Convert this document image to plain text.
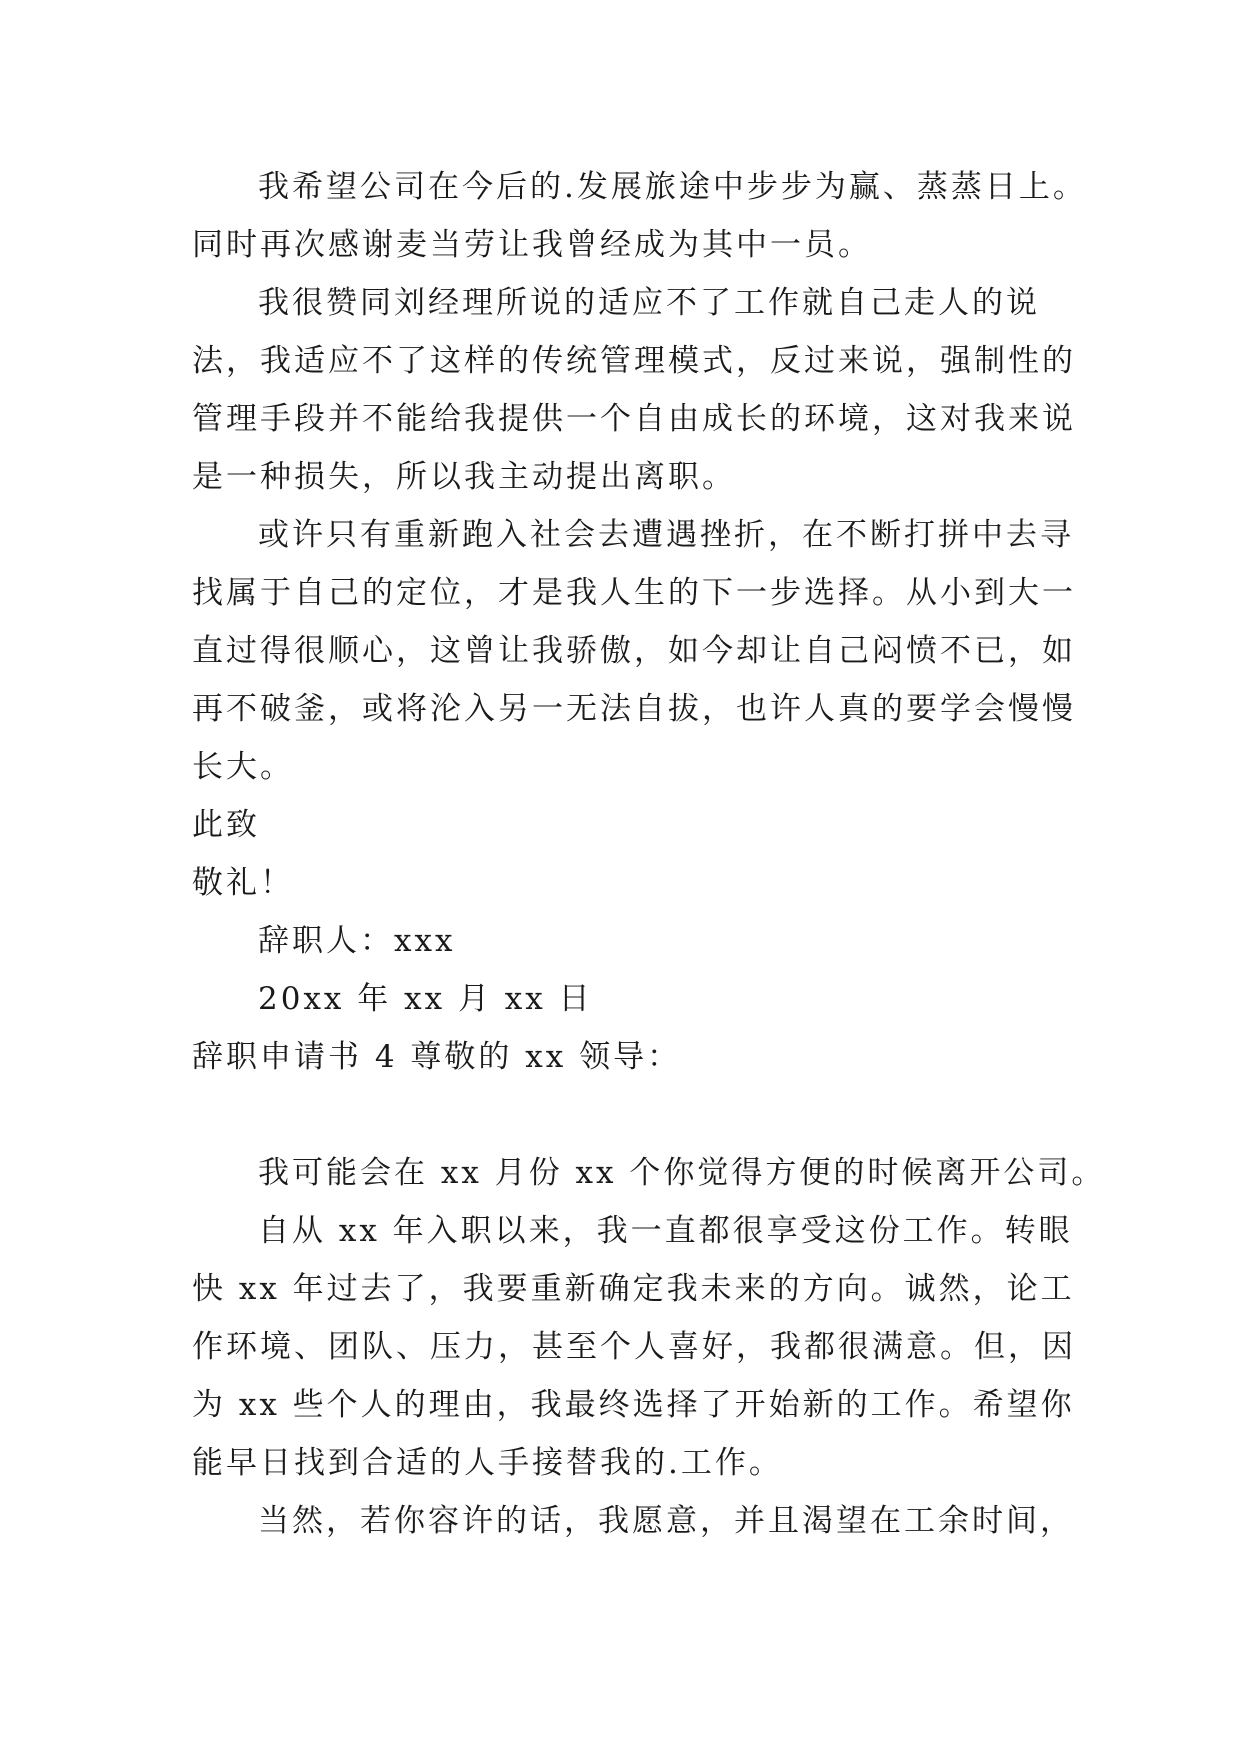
我希望公司在今后的.发展旅途中步步为赢、蒸蒸日上。
同时再次感谢麦当劳让我曾经成为其中一员。
我很赞同刘经理所说的适应不了工作就自己走人的说
法，我适应不了这样的传统管理模式，反过来说，强制性的
管理手段并不能给我提供一个自由成长的环境，这对我来说
是一种损失，所以我主动提出离职。
或许只有重新跑入社会去遭遇挫折，在不断打拼中去寻
找属于自己的定位，才是我人生的下一步选择。从小到大一
直过得很顺心，这曾让我骄傲，如今却让自己闷愤不已，如
再不破釜，或将沦入另一无法自拔，也许人真的要学会慢慢
长大。
此致
敬礼！
辞职人：xxx
20xx 年 xx 月 xx 日
辞职申请书 4 尊敬的 xx 领导：
我可能会在 xx 月份 xx 个你觉得方便的时候离开公司。
自从 xx 年入职以来，我一直都很享受这份工作。转眼
快 xx 年过去了，我要重新确定我未来的方向。诚然，论工
作环境、团队、压力，甚至个人喜好，我都很满意。但，因
为 xx 些个人的理由，我最终选择了开始新的工作。希望你
能早日找到合适的人手接替我的.工作。
当然，若你容许的话，我愿意，并且渴望在工余时间，
